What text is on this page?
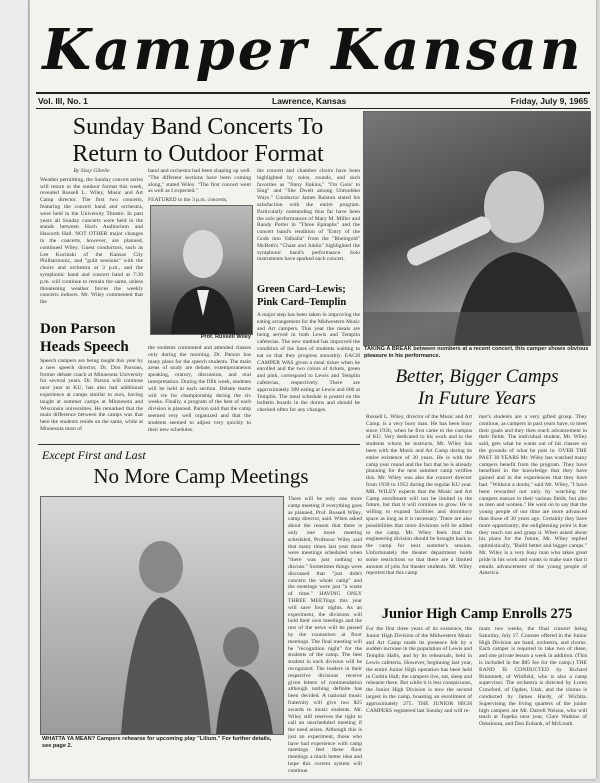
Kamper Kansan
Vol. III, No. 1	Lawrence, Kansas	Friday, July 9, 1965
Sunday Band Concerts To
Return to Outdoor Format

By Sissy Gibelie

Weather permitting, the Sunday concert series will return to the outdoor format this week, revealed Russell L. Wiley, Music and Art Camp director. The first two concerts, featuring the concert band and orchestra, were held in the University Theatre. In past years all Sunday concerts were held in the stands between Hoch Auditorium and Haworth Hall. NOT OTHER major changes in the concerts, however, are planned, continued Wiley. Guest conductors, such as Lee Kucinski of the Kansas City Philharmonic, and "gulit sessions" with the choirs and orchestra at 3 p.m., and the symphonic band and concert band at 7:30 p.m. will continue to remain the same, unless threatening weather forces the weekly concerts indoors. Mr. Wiley commented that the

band and orchestra had been shaping up well. "The different sections have been coming along," stated Wiley. "The first concert went as well as I expected."

FEATURED in the 3 p.m. concerts,

Prof. Russell Wiley

the concert and chamber choirs have been highlighted by solos, rounds, and such favorites as "Jinny Jinkins," "I'm Goin' to Sing" and "She Dwelt among Untrodden Ways." Conductor James Ralston stated his satisfaction with the entire program. Particularly outstanding thus far have been the solo performances of Mary M. Miller and Randy Porter in "Three Epitaphs" and the concert band's rendition of "Entry of the Gods into Valhalla" from the "Rheingold" McBeth's "Chant and Jubilo" highlighted the symphonic band's performance. Solo instruments have sparked each concert.

Green Card–Lewis;
Pink Card–Templin

A major step has been taken in improving the eating arrangement for the Midwestern Music and Art campers. This year the meals are being served in both Lewis and Templin cafeterias. The new method has improved the condition of the lines of students waiting to eat so that they progress smoothly. EACH CAMPER WAS given a meal ticket when he enrolled and the two colors of tickets, green and pink, correspond to Lewis and Templin cafeterias, respectively. There are approximately 300 eating at Lewis and 600 at Templin. The meal schedule is posted on the bulletin boards in the dorms and should be checked often for any changes.

Don Parson
Heads Speech

Speech campers are being taught this year by a new speech director, Dr. Don Parsons, former debate coach at Minnesota University for several years. Dr. Parson will continue next year at KU, has also had additional experience at camps similar to ours, having taught at summer camps at Minnesota and Wisconsin universities. He remarked that the main difference between the camps was that here the students reside on the same, while at Minnesota most of

the students commuted and attended classes only during the morning. Dr. Parson has many plans for the speech students. The main areas of study are debate, extemporaneous speaking, oratory, discussion, and oral interpretation. During the fifth week, students will be held in each section. Debate teams will vie for championship during the six weeks. Finally, a program of the best of each division is planned. Parson said that the camp seemed very well organized and that the students seemed to adjust very quickly to their new schedules.

TAKING A BREAK between numbers at a recent concert, this camper shows obvious pleasure in his performance.
Better, Bigger Camps
In Future Years

Russell L. Wiley, director of the Music and Art Camp, is a very busy man. He has been busy since 1936, when he first came to the campus of KU. Very dedicated to his work and to the students whom he instructs, Mr. Wiley has been with the Music and Art Camp during its entire existence of 30 years. He is with the camp year round and the fact that he is already planning for the next summer camp verifies this. Mr. Wiley was also the concert director from 1939 to 1952 during the regular KU year. MR. WILEY expects that the Music and Art Camp enrollment will not be limited in the future, but that it will continue to grow. He is willing to expand facilities and dormitory space as long as it is necessary. There are also possibilities that more divisions will be added to the camp. Mr. Wiley feels that the engineering division should be brought back to the camp for next summer's session. Unfortunately the theater department holds some restrictions so that there are a limited amount of jobs for theater students. Mr. Wiley reported that this camp

mer's students are a very gifted group. They continue, as campers in past years have, to meet their goals and they then reach advancement in their fields. The individual student, Mr. Wiley said, gets what he wants out of his classes on the grounds of what he puts in. OVER THE PAST 30 YEARS Mr. Wiley has watched many campers benefit from the program. They have benefited in the knowledge that they have gained and in the experiences that they have had. "Without a doubt," said Mr. Wiley, "I have been rewarded not only by watching the campers mature in their various fields, but also as men and women." He went on to say that the young people of our time are more advanced than those of 30 years ago. Certainly they have more opportunity; the enlightening point is that they reach out and grasp it. When asked about his plans for the future, Mr. Wiley replied optimistically, "Build better and bigger camps." Mr. Wiley is a very busy man who takes great pride in his work and wants to make sure that it entails advancement of the young people of America.

Except First and Last
No More Camp Meetings
WHATTA YA MEAN? Campers rehearse for upcoming play "Lilium." For further details, see page 2.

There will be only one more camp meeting if everything goes as planned, Prof. Russell Wiley, camp director, said. When asked about the reason that there is only one more meeting scheduled, Professor Wiley said that many times last year there were meetings scheduled when "there was just nothing to discuss." Sometimes things were discussed that "just didn't concern the whole camp" and the meetings were just "a waste of time." HAVING ONLY THREE MEETings this year will save four nights. As an experiment, the divisions will hold their own meetings and the rest of the news will be passed by the counselors at floor meetings. The final meeting will be "recognition night" for the students of the camp. The best student in each division will be recognized. The leaders in their respective divisions receive given letters of commendation although nothing definite has been decided. A national music fraternity will give two $25 awards to music students. Mr. Wiley still reserves the right to call an unscheduled meeting if the need arises. Although this is just an experiment, those who have had experience with camp meetings feel these floor meetings a much better idea and hope this current system will continue.

Junior High Camp Enrolls 275

For the first three years of its existence, the Junior High Division of the Midwestern Music and Art Camp made its presence felt by a sudden increase in the population of Lewis and Templin Halls, and by its rehearsals, held in Lewis cafeteria. However, beginning last year, the entire Junior High operation has been held in Corbin Hall; the campers live, eat, sleep and rehearse there. But while it is less conspicuous, the Junior High Division is now the second largest in the camp, boasting an enrollment of approximately 275. THE JUNIOR HIGH CAMPERS registered last Sunday and will re-

main two weeks, the final concert being Saturday, July 17. Courses offered in the Junior High Division are band, orchestra, and chorus. Each camper is required to take two of these, and one private lesson a week in addition. (This is included in the $85 fee for the camp.) THE BAND IS CONDUCTED by Richard Brummett, of Winfield, who is also a camp supervisor. The orchestra is directed by Loren Crawford, of Ogden, Utah, and the chorus is conducted by James Hardy, of Wichita. Supervising the living quarters of the junior high campers are Mr. Darrell Nelson, who will teach at Topeka next year, Clare Watkins of Oskaloosa, and Don Eubank, of McLouth.
